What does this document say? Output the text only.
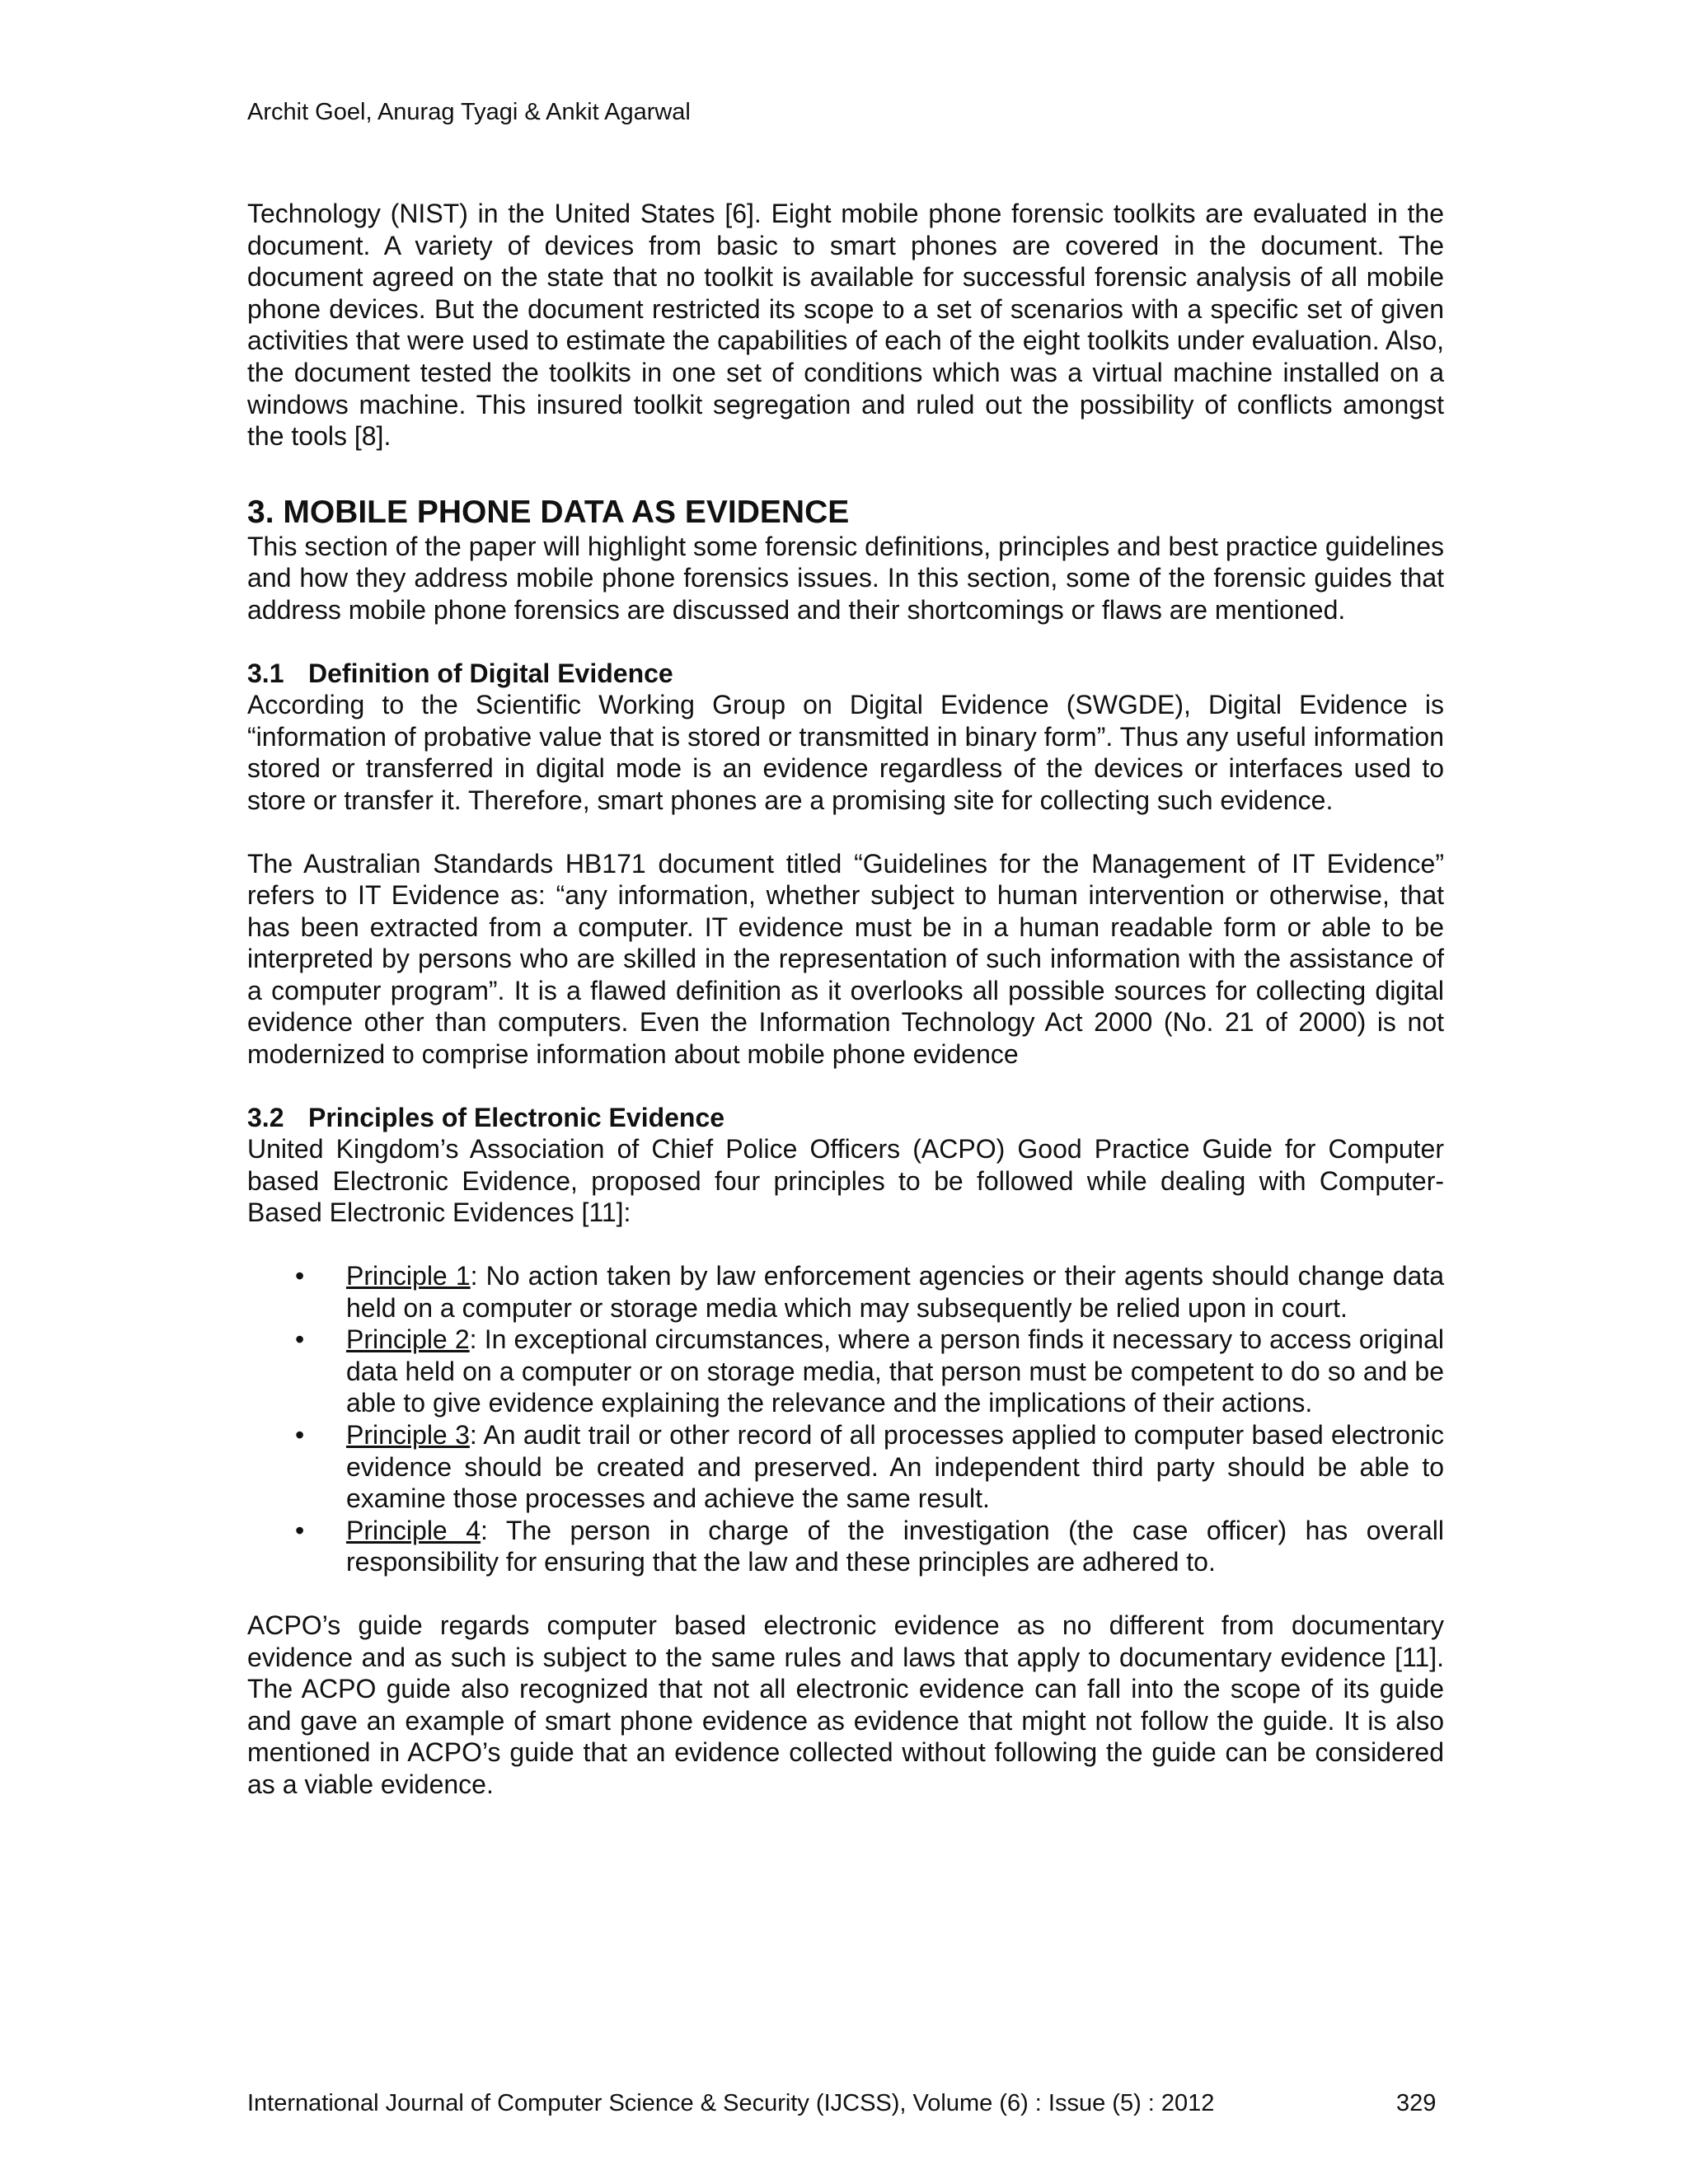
Archit Goel, Anurag Tyagi & Ankit Agarwal

Technology (NIST) in the United States [6]. Eight mobile phone forensic toolkits are evaluated in the document. A variety of devices from basic to smart phones are covered in the document. The document agreed on the state that no toolkit is available for successful forensic analysis of all mobile phone devices. But the document restricted its scope to a set of scenarios with a specific set of given activities that were used to estimate the capabilities of each of the eight toolkits under evaluation. Also, the document tested the toolkits in one set of conditions which was a virtual machine installed on a windows machine. This insured toolkit segregation and ruled out the possibility of conflicts amongst the tools [8].

3. MOBILE PHONE DATA AS EVIDENCE

This section of the paper will highlight some forensic definitions, principles and best practice guidelines and how they address mobile phone forensics issues. In this section, some of the forensic guides that address mobile phone forensics are discussed and their shortcomings or flaws are mentioned.

3.1 Definition of Digital Evidence

According to the Scientific Working Group on Digital Evidence (SWGDE), Digital Evidence is “information of probative value that is stored or transmitted in binary form”. Thus any useful information stored or transferred in digital mode is an evidence regardless of the devices or interfaces used to store or transfer it. Therefore, smart phones are a promising site for collecting such evidence.

The Australian Standards HB171 document titled “Guidelines for the Management of IT Evidence” refers to IT Evidence as: “any information, whether subject to human intervention or otherwise, that has been extracted from a computer. IT evidence must be in a human readable form or able to be interpreted by persons who are skilled in the representation of such information with the assistance of a computer program”. It is a flawed definition as it overlooks all possible sources for collecting digital evidence other than computers. Even the Information Technology Act 2000 (No. 21 of 2000) is not modernized to comprise information about mobile phone evidence

3.2 Principles of Electronic Evidence

United Kingdom’s Association of Chief Police Officers (ACPO) Good Practice Guide for Computer based Electronic Evidence, proposed four principles to be followed while dealing with Computer-Based Electronic Evidences [11]:

• Principle 1: No action taken by law enforcement agencies or their agents should change data held on a computer or storage media which may subsequently be relied upon in court.
• Principle 2: In exceptional circumstances, where a person finds it necessary to access original data held on a computer or on storage media, that person must be competent to do so and be able to give evidence explaining the relevance and the implications of their actions.
• Principle 3: An audit trail or other record of all processes applied to computer based electronic evidence should be created and preserved. An independent third party should be able to examine those processes and achieve the same result.
• Principle 4: The person in charge of the investigation (the case officer) has overall responsibility for ensuring that the law and these principles are adhered to.

ACPO’s guide regards computer based electronic evidence as no different from documentary evidence and as such is subject to the same rules and laws that apply to documentary evidence [11]. The ACPO guide also recognized that not all electronic evidence can fall into the scope of its guide and gave an example of smart phone evidence as evidence that might not follow the guide. It is also mentioned in ACPO’s guide that an evidence collected without following the guide can be considered as a viable evidence.

International Journal of Computer Science & Security (IJCSS), Volume (6) : Issue (5) : 2012	329
